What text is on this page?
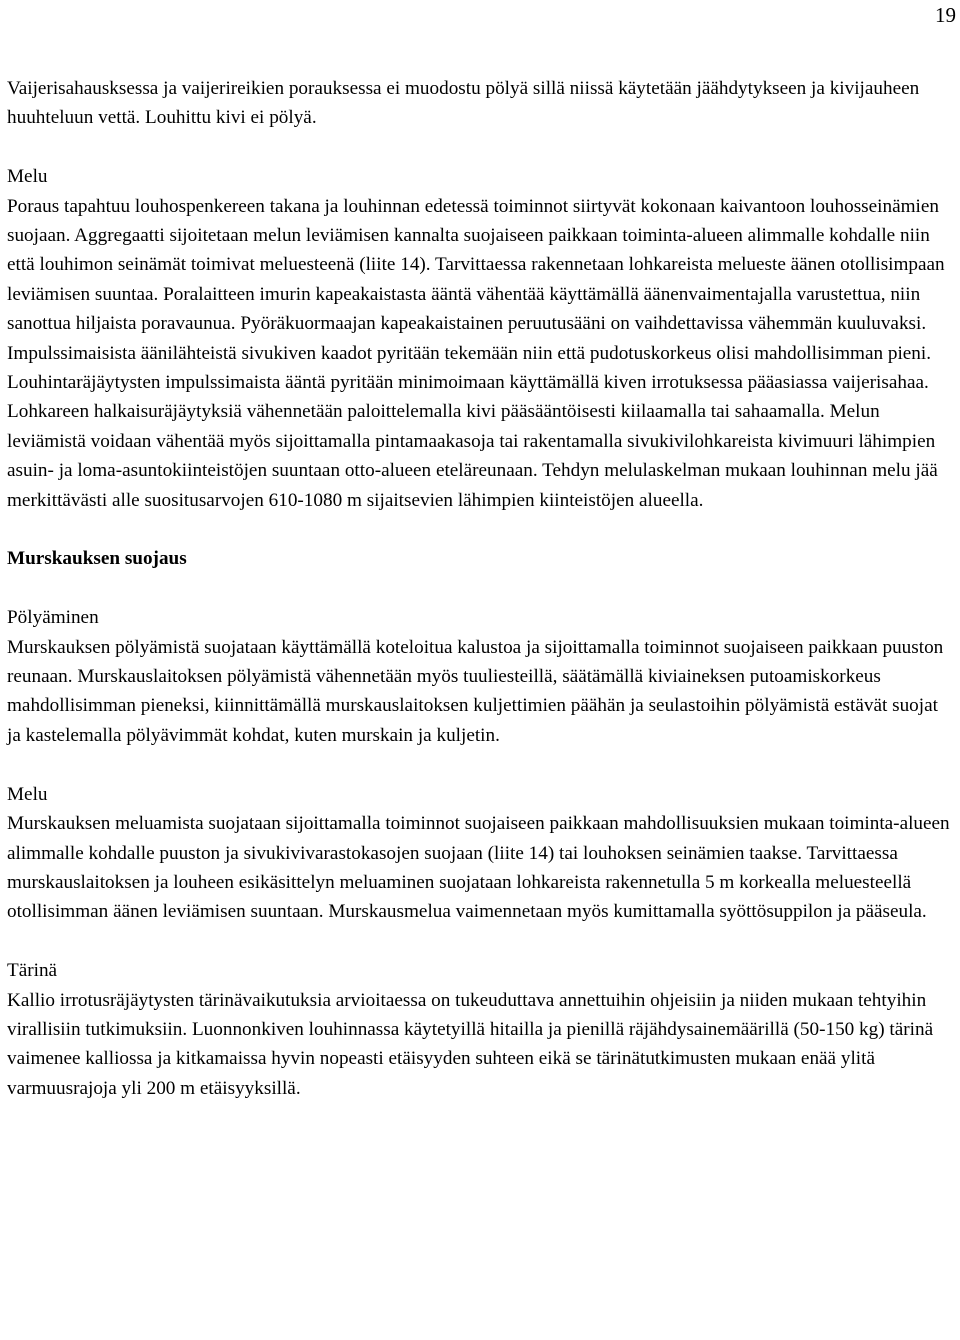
19

Vaijerisahausksessa ja vaijerireikien porauksessa ei muodostu pölyä sillä niissä käytetään jäähdytykseen ja kivijauheen huuhteluun vettä. Louhittu kivi ei pölyä.

Melu

Poraus tapahtuu louhospenkereen takana ja louhinnan edetessä toiminnot siirtyvät kokonaan kaivantoon louhosseinämien suojaan. Aggregaatti sijoitetaan melun leviämisen kannalta suojaiseen paikkaan toiminta-alueen alimmalle kohdalle niin että louhimon seinämät toimivat meluesteenä (liite 14). Tarvittaessa rakennetaan lohkareista melueste äänen otollisimpaan leviämisen suuntaa. Poralaitteen imurin kapeakaistasta ääntä vähentää käyttämällä äänenvaimentajalla varustettua, niin sanottua hiljaista poravaunua. Pyöräkuormaajan kapeakaistainen peruutusääni on vaihdettavissa vähemmän kuuluvaksi. Impulssimaisista äänilähteistä sivukiven kaadot pyritään tekemään niin että pudotuskorkeus olisi mahdollisimman pieni. Louhintaräjäytysten impulssimaista ääntä pyritään minimoimaan käyttämällä kiven irrotuksessa pääasiassa vaijerisahaa. Lohkareen halkaisuräjäytyksiä vähennetään paloittelemalla kivi pääsääntöisesti kiilaamalla tai sahaamalla. Melun leviämistä voidaan vähentää myös sijoittamalla pintamaakasoja tai rakentamalla sivukivilohkareista kivimuuri lähimpien asuin- ja loma-asuntokiinteistöjen suuntaan otto-alueen eteläreunaan. Tehdyn melulaskelman mukaan louhinnan melu jää merkittävästi alle suositusarvojen 610-1080 m sijaitsevien lähimpien kiinteistöjen alueella.

Murskauksen suojaus

Pölyäminen

Murskauksen pölyämistä suojataan käyttämällä koteloitua kalustoa ja sijoittamalla toiminnot suojaiseen paikkaan puuston reunaan. Murskauslaitoksen pölyämistä vähennetään myös tuuliesteillä, säätämällä kiviaineksen putoamiskorkeus mahdollisimman pieneksi, kiinnittämällä murskauslaitoksen kuljettimien päähän ja seulastoihin pölyämistä estävät suojat ja kastelemalla pölyävimmät kohdat, kuten murskain ja kuljetin.

Melu

Murskauksen meluamista suojataan sijoittamalla toiminnot suojaiseen paikkaan mahdollisuuksien mukaan toiminta-alueen alimmalle kohdalle puuston ja sivukivivarastokasojen suojaan (liite 14) tai louhoksen seinämien taakse. Tarvittaessa murskauslaitoksen ja louheen esikäsittelyn meluaminen suojataan lohkareista rakennetulla 5 m korkealla meluesteellä otollisimman äänen leviämisen suuntaan. Murskausmelua vaimennetaan myös kumittamalla syöttösuppilon ja pääseula.

Tärinä

Kallio irrotusräjäytysten tärinävaikutuksia arvioitaessa on tukeuduttava annettuihin ohjeisiin ja niiden mukaan tehtyihin virallisiin tutkimuksiin. Luonnonkiven louhinnassa käytetyillä hitailla ja pienillä räjähdysainemäärillä (50-150 kg) tärinä vaimenee kalliossa ja kitkamaissa hyvin nopeasti etäisyyden suhteen eikä se tärinätutkimusten mukaan enää ylitä varmuusrajoja yli 200 m etäisyyksillä.
